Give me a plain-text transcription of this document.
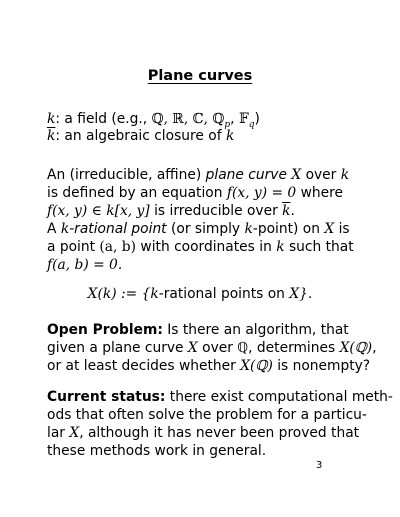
Plane curves
k: a field (e.g., ℚ, ℝ, ℂ, ℚ$_p$, 𝔽$_q$)
$\overline{k}$: an algebraic closure of k
An (irreducible, affine) plane curve X over k
is defined by an equation f(x, y) = 0 where
f(x, y) ∈ k[x, y] is irreducible over $\overline{k}$.
A k-rational point (or simply k-point) on X is
a point (a, b) with coordinates in k such that
f(a, b) = 0.
X(k) := {k-rational points on X}.
Open Problem: Is there an algorithm, that
given a plane curve X over ℚ, determines X(ℚ),
or at least decides whether X(ℚ) is nonempty?
Current status: there exist computational meth-
ods that often solve the problem for a particu-
lar X, although it has never been proved that
these methods work in general.
3
